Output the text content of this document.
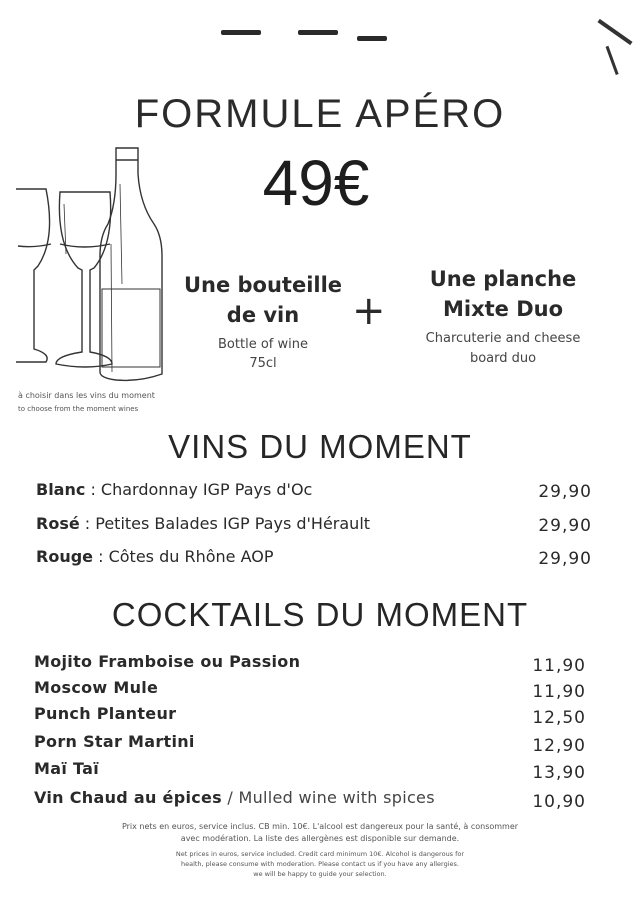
FORMULE APÉRO
49€
à choisir dans les vins du moment
to choose from the moment wines
Une bouteille
de vin
Bottle of wine
75cl
+
Une planche
Mixte Duo
Charcuterie and cheese
board duo
VINS DU MOMENT
Blanc : Chardonnay IGP Pays d'Oc	29,90
Rosé : Petites Balades IGP Pays d'Hérault	29,90
Rouge : Côtes du Rhône AOP	29,90
COCKTAILS DU MOMENT
Mojito Framboise ou Passion	11,90
Moscow Mule	11,90
Punch Planteur	12,50
Porn Star Martini	12,90
Maï Taï	13,90
Vin Chaud au épices / Mulled wine with spices	10,90
Prix nets en euros, service inclus. CB min. 10€. L'alcool est dangereux pour la santé, à consommer
avec modération. La liste des allergènes est disponible sur demande.
Net prices in euros, service included. Credit card minimum 10€. Alcohol is dangerous for
health, please consume with moderation. Please contact us if you have any allergies.
we will be happy to guide your selection.
